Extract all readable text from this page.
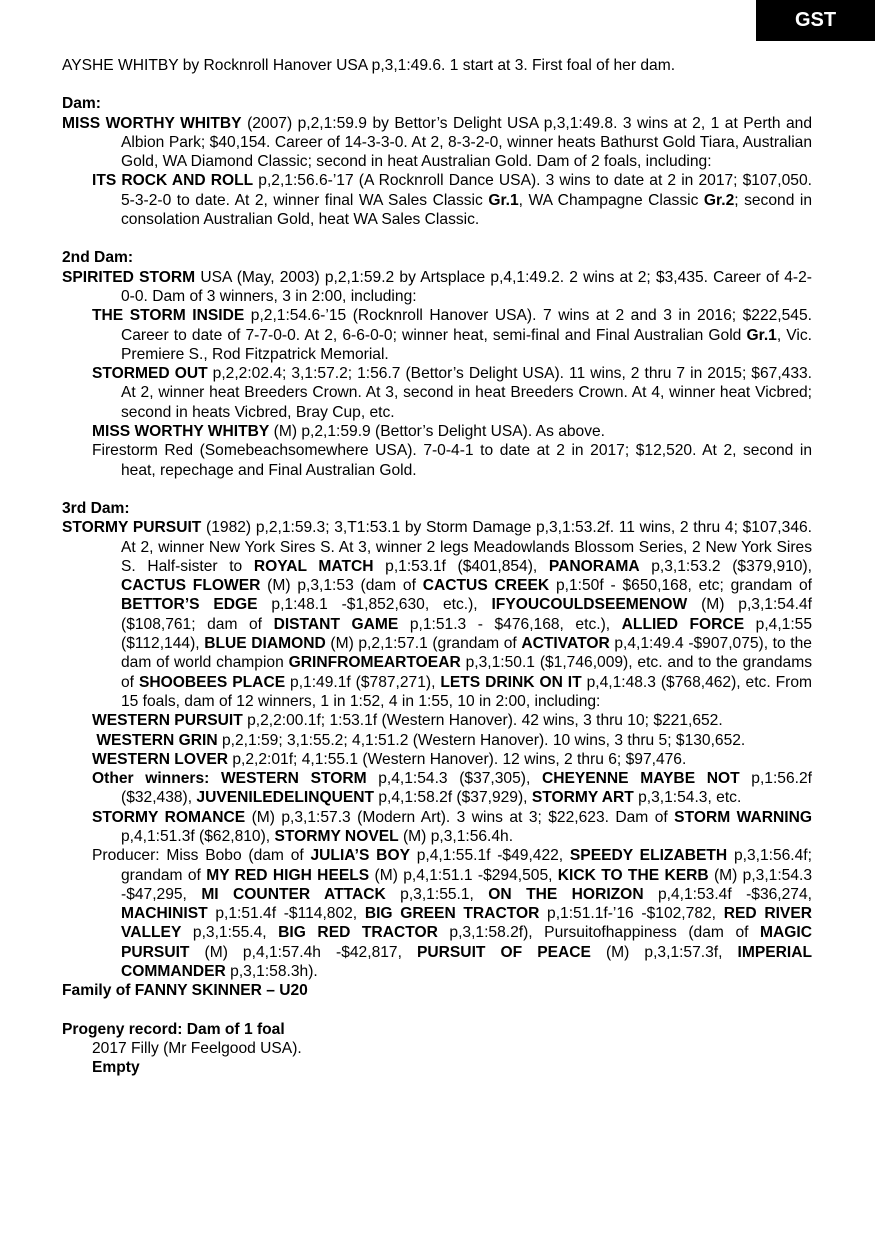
GST

AYSHE WHITBY by Rocknroll Hanover USA p,3,1:49.6. 1 start at 3. First foal of her dam.

Dam:

MISS WORTHY WHITBY (2007) p,2,1:59.9 by Bettor’s Delight USA p,3,1:49.8. 3 wins at 2, 1 at Perth and Albion Park; $40,154. Career of 14-3-3-0. At 2, 8-3-2-0, winner heats Bathurst Gold Tiara, Australian Gold, WA Diamond Classic; second in heat Australian Gold. Dam of 2 foals, including:

ITS ROCK AND ROLL p,2,1:56.6-’17 (A Rocknroll Dance USA). 3 wins to date at 2 in 2017; $107,050. 5-3-2-0 to date. At 2, winner final WA Sales Classic Gr.1, WA Champagne Classic Gr.2; second in consolation Australian Gold, heat WA Sales Classic.

2nd Dam:

SPIRITED STORM USA (May, 2003) p,2,1:59.2 by Artsplace p,4,1:49.2. 2 wins at 2; $3,435. Career of 4-2-0-0. Dam of 3 winners, 3 in 2:00, including:

THE STORM INSIDE p,2,1:54.6-’15 (Rocknroll Hanover USA). 7 wins at 2 and 3 in 2016; $222,545. Career to date of 7-7-0-0. At 2, 6-6-0-0; winner heat, semi-final and Final Australian Gold Gr.1, Vic. Premiere S., Rod Fitzpatrick Memorial.

STORMED OUT p,2,2:02.4; 3,1:57.2; 1:56.7 (Bettor’s Delight USA). 11 wins, 2 thru 7 in 2015; $67,433. At 2, winner heat Breeders Crown. At 3, second in heat Breeders Crown. At 4, winner heat Vicbred; second in heats Vicbred, Bray Cup, etc.

MISS WORTHY WHITBY (M) p,2,1:59.9 (Bettor’s Delight USA). As above.

Firestorm Red (Somebeachsomewhere USA). 7-0-4-1 to date at 2 in 2017; $12,520. At 2, second in heat, repechage and Final Australian Gold.

3rd Dam:

STORMY PURSUIT (1982) p,2,1:59.3; 3,T1:53.1 by Storm Damage p,3,1:53.2f. 11 wins, 2 thru 4; $107,346. At 2, winner New York Sires S. At 3, winner 2 legs Meadowlands Blossom Series, 2 New York Sires S. Half-sister to ROYAL MATCH p,1:53.1f ($401,854), PANORAMA p,3,1:53.2 ($379,910), CACTUS FLOWER (M) p,3,1:53 (dam of CACTUS CREEK p,1:50f - $650,168, etc; grandam of BETTOR’S EDGE p,1:48.1 -$1,852,630, etc.), IFYOUCOULDSEEMENOW (M) p,3,1:54.4f ($108,761; dam of DISTANT GAME p,1:51.3 - $476,168, etc.), ALLIED FORCE p,4,1:55 ($112,144), BLUE DIAMOND (M) p,2,1:57.1 (grandam of ACTIVATOR p,4,1:49.4 -$907,075), to the dam of world champion GRINFROMEARTOEAR p,3,1:50.1 ($1,746,009), etc. and to the grandams of SHOOBEES PLACE p,1:49.1f ($787,271), LETS DRINK ON IT p,4,1:48.3 ($768,462), etc. From 15 foals, dam of 12 winners, 1 in 1:52, 4 in 1:55, 10 in 2:00, including:

WESTERN PURSUIT p,2,2:00.1f; 1:53.1f (Western Hanover). 42 wins, 3 thru 10; $221,652.

WESTERN GRIN p,2,1:59; 3,1:55.2; 4,1:51.2 (Western Hanover). 10 wins, 3 thru 5; $130,652.

WESTERN LOVER p,2,2:01f; 4,1:55.1 (Western Hanover). 12 wins, 2 thru 6; $97,476.

Other winners: WESTERN STORM p,4,1:54.3 ($37,305), CHEYENNE MAYBE NOT p,1:56.2f ($32,438), JUVENILEDELINQUENT p,4,1:58.2f ($37,929), STORMY ART p,3,1:54.3, etc.

STORMY ROMANCE (M) p,3,1:57.3 (Modern Art). 3 wins at 3; $22,623. Dam of STORM WARNING p,4,1:51.3f ($62,810), STORMY NOVEL (M) p,3,1:56.4h.

Producer: Miss Bobo (dam of JULIA’S BOY p,4,1:55.1f -$49,422, SPEEDY ELIZABETH p,3,1:56.4f; grandam of MY RED HIGH HEELS (M) p,4,1:51.1 -$294,505, KICK TO THE KERB (M) p,3,1:54.3 -$47,295, MI COUNTER ATTACK p,3,1:55.1, ON THE HORIZON p,4,1:53.4f -$36,274, MACHINIST p,1:51.4f -$114,802, BIG GREEN TRACTOR p,1:51.1f-’16 -$102,782, RED RIVER VALLEY p,3,1:55.4, BIG RED TRACTOR p,3,1:58.2f), Pursuitofhappiness (dam of MAGIC PURSUIT (M) p,4,1:57.4h -$42,817, PURSUIT OF PEACE (M) p,3,1:57.3f, IMPERIAL COMMANDER p,3,1:58.3h).

Family of FANNY SKINNER – U20

Progeny record: Dam of 1 foal

2017 Filly (Mr Feelgood USA).

Empty
